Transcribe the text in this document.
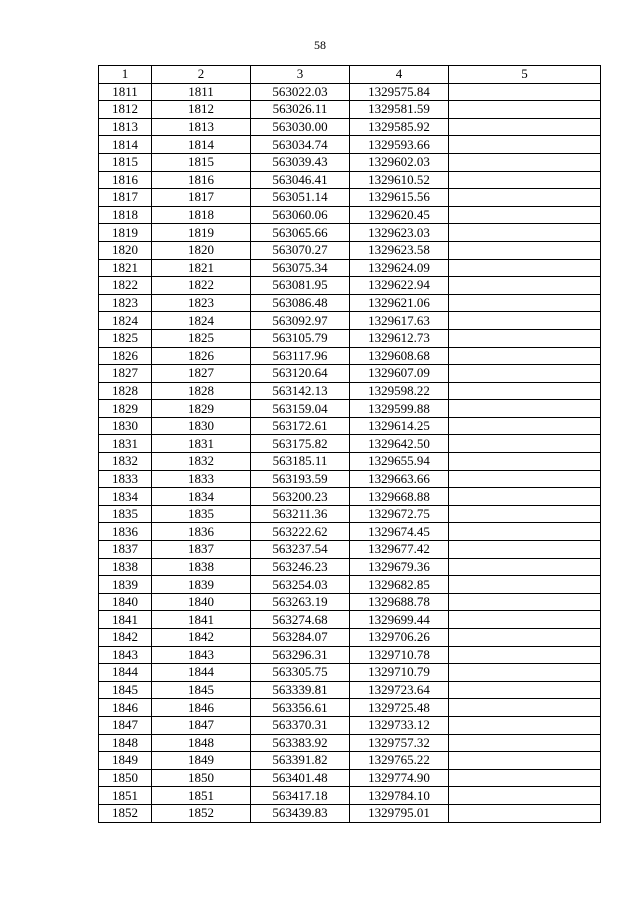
58
1	2	3	4	5
1811	1811	563022.03	1329575.84	
1812	1812	563026.11	1329581.59	
1813	1813	563030.00	1329585.92	
1814	1814	563034.74	1329593.66	
1815	1815	563039.43	1329602.03	
1816	1816	563046.41	1329610.52	
1817	1817	563051.14	1329615.56	
1818	1818	563060.06	1329620.45	
1819	1819	563065.66	1329623.03	
1820	1820	563070.27	1329623.58	
1821	1821	563075.34	1329624.09	
1822	1822	563081.95	1329622.94	
1823	1823	563086.48	1329621.06	
1824	1824	563092.97	1329617.63	
1825	1825	563105.79	1329612.73	
1826	1826	563117.96	1329608.68	
1827	1827	563120.64	1329607.09	
1828	1828	563142.13	1329598.22	
1829	1829	563159.04	1329599.88	
1830	1830	563172.61	1329614.25	
1831	1831	563175.82	1329642.50	
1832	1832	563185.11	1329655.94	
1833	1833	563193.59	1329663.66	
1834	1834	563200.23	1329668.88	
1835	1835	563211.36	1329672.75	
1836	1836	563222.62	1329674.45	
1837	1837	563237.54	1329677.42	
1838	1838	563246.23	1329679.36	
1839	1839	563254.03	1329682.85	
1840	1840	563263.19	1329688.78	
1841	1841	563274.68	1329699.44	
1842	1842	563284.07	1329706.26	
1843	1843	563296.31	1329710.78	
1844	1844	563305.75	1329710.79	
1845	1845	563339.81	1329723.64	
1846	1846	563356.61	1329725.48	
1847	1847	563370.31	1329733.12	
1848	1848	563383.92	1329757.32	
1849	1849	563391.82	1329765.22	
1850	1850	563401.48	1329774.90	
1851	1851	563417.18	1329784.10	
1852	1852	563439.83	1329795.01	
